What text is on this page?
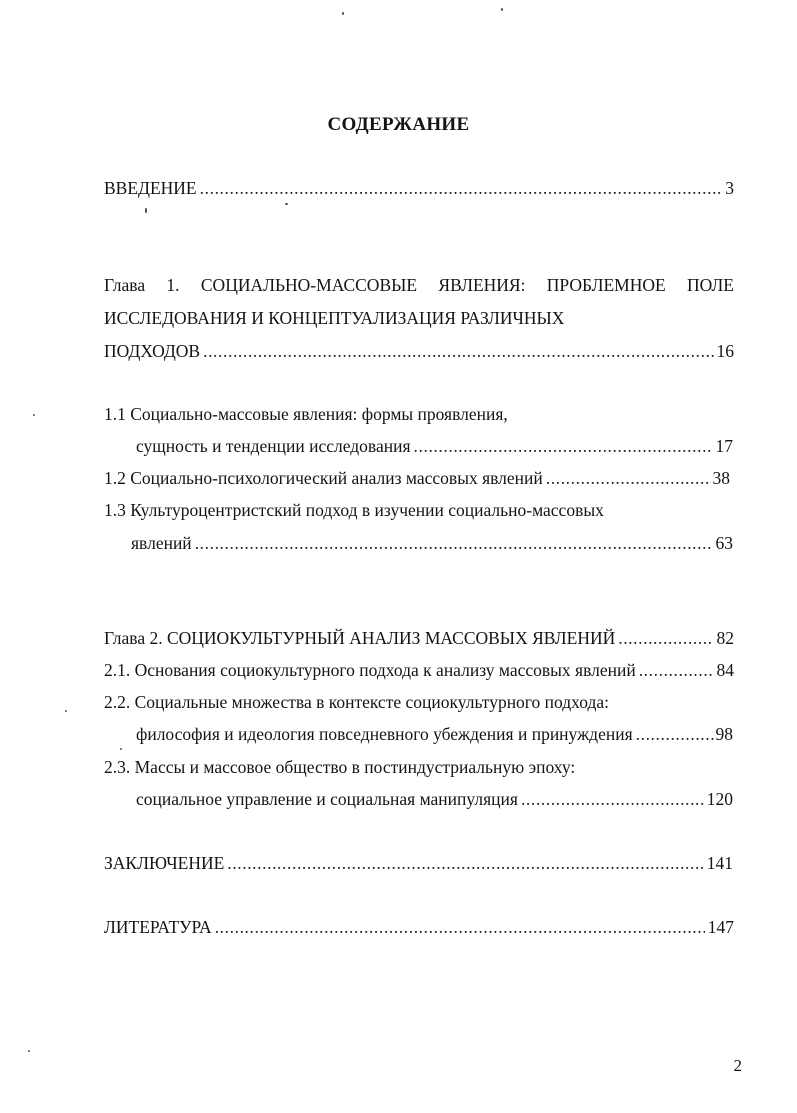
СОДЕРЖАНИЕ
ВВЕДЕНИЕ .....	3
Глава 1. СОЦИАЛЬНО-МАССОВЫЕ ЯВЛЕНИЯ: ПРОБЛЕМНОЕ ПОЛЕ
ИССЛЕДОВАНИЯ И КОНЦЕПТУАЛИЗАЦИЯ РАЗЛИЧНЫХ
ПОДХОДОВ .....	16
1.1 Социально-массовые явления: формы проявления,
сущность и тенденции исследования .....	17
1.2 Социально-психологический анализ массовых явлений .....	38
1.3 Культуроцентристский подход в изучении социально-массовых
явлений .....	63
Глава 2. СОЦИОКУЛЬТУРНЫЙ АНАЛИЗ МАССОВЫХ ЯВЛЕНИЙ .....	82
2.1. Основания социокультурного подхода к анализу массовых явлений .....	84
2.2. Социальные множества в контексте социокультурного подхода:
философия и идеология повседневного убеждения и принуждения .....	98
2.3. Массы и массовое общество в постиндустриальную эпоху:
социальное управление и социальная манипуляция .....	120
ЗАКЛЮЧЕНИЕ .....	141
ЛИТЕРАТУРА .....	147
2
